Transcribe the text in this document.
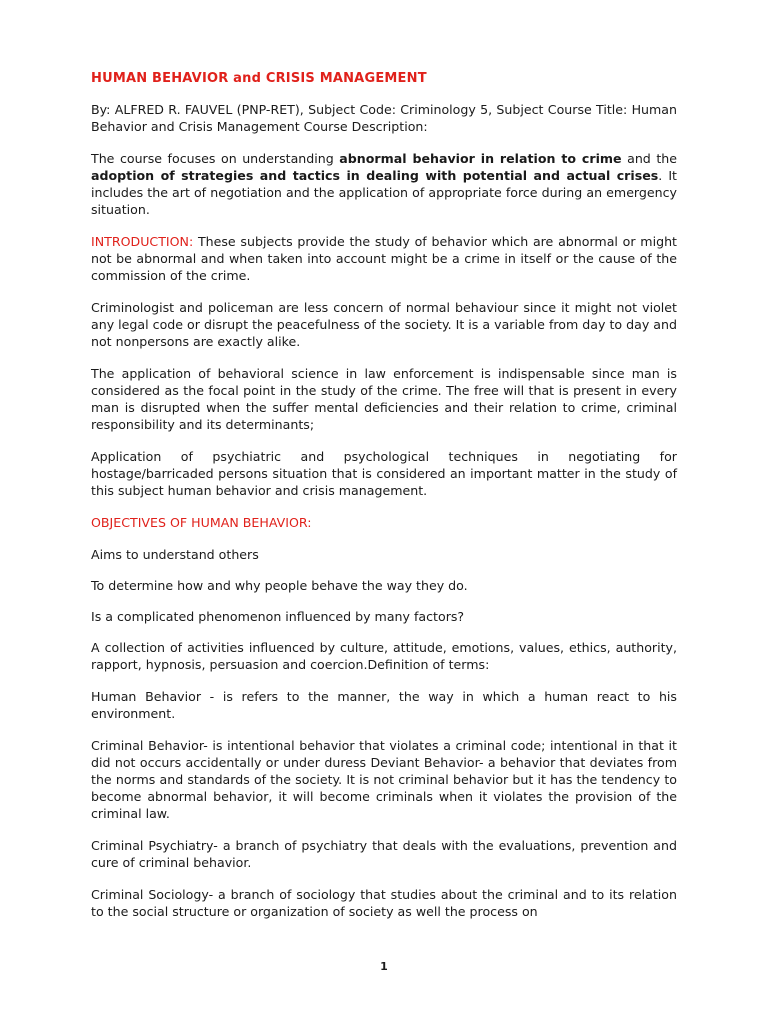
HUMAN BEHAVIOR and CRISIS MANAGEMENT

By: ALFRED R. FAUVEL (PNP-RET), Subject Code: Criminology 5, Subject Course Title: Human Behavior and Crisis Management Course Description:

The course focuses on understanding abnormal behavior in relation to crime and the adoption of strategies and tactics in dealing with potential and actual crises. It includes the art of negotiation and the application of appropriate force during an emergency situation.

INTRODUCTION: These subjects provide the study of behavior which are abnormal or might not be abnormal and when taken into account might be a crime in itself or the cause of the commission of the crime.

Criminologist and policeman are less concern of normal behaviour since it might not violet any legal code or disrupt the peacefulness of the society. It is a variable from day to day and not nonpersons are exactly alike.

The application of behavioral science in law enforcement is indispensable since man is considered as the focal point in the study of the crime. The free will that is present in every man is disrupted when the suffer mental deficiencies and their relation to crime, criminal responsibility and its determinants;

Application of psychiatric and psychological techniques in negotiating for hostage/barricaded persons situation that is considered an important matter in the study of this subject human behavior and crisis management.

OBJECTIVES OF HUMAN BEHAVIOR:

Aims to understand others

To determine how and why people behave the way they do.

Is a complicated phenomenon influenced by many factors?

A collection of activities influenced by culture, attitude, emotions, values, ethics, authority, rapport, hypnosis, persuasion and coercion.Definition of terms:

Human Behavior - is refers to the manner, the way in which a human react to his environment.

Criminal Behavior- is intentional behavior that violates a criminal code; intentional in that it did not occurs accidentally or under duress Deviant Behavior- a behavior that deviates from the norms and standards of the society. It is not criminal behavior but it has the tendency to become abnormal behavior, it will become criminals when it violates the provision of the criminal law.

Criminal Psychiatry- a branch of psychiatry that deals with the evaluations, prevention and cure of criminal behavior.

Criminal Sociology- a branch of sociology that studies about the criminal and to its relation to the social structure or organization of society as well the process on

1
